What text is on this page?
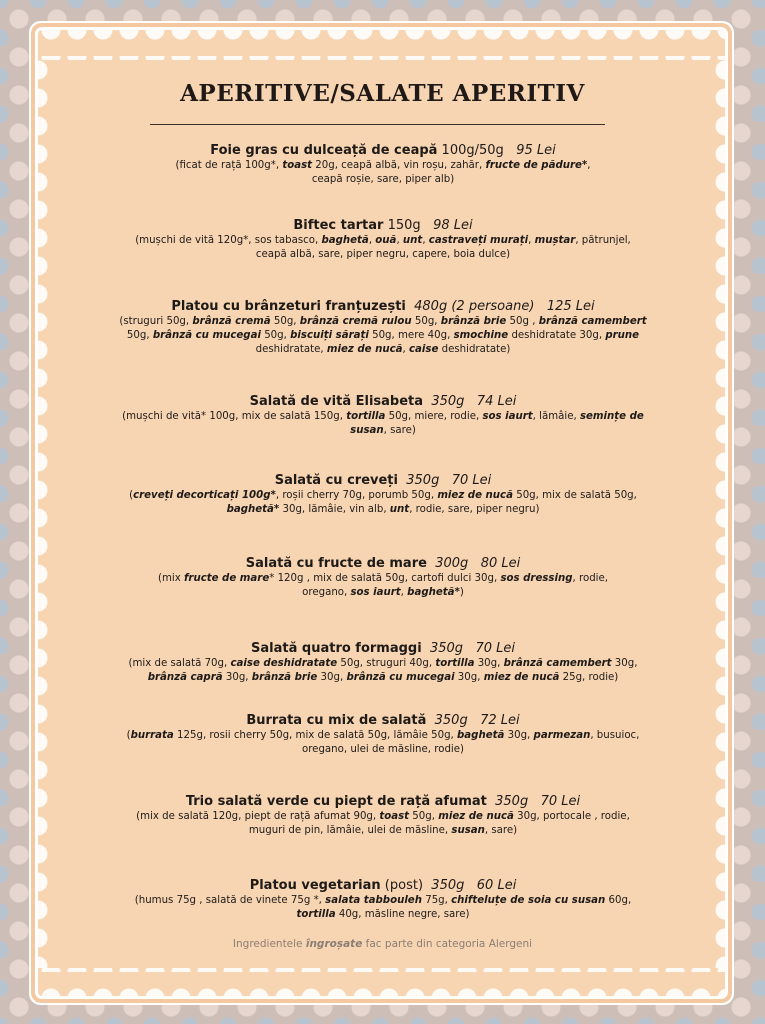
APERITIVE/SALATE APERITIV
Foie gras cu dulceață de ceapă 100g/50g 95 Lei
(ficat de rață 100g*, toast 20g, ceapă albă, vin roșu, zahăr, fructe de pădure*,
ceapă roșie, sare, piper alb)
Biftec tartar 150g 98 Lei
(mușchi de vită 120g*, sos tabasco, baghetă, ouă, unt, castraveți murați, muștar, pătrunjel,
ceapă albă, sare, piper negru, capere, boia dulce)
Platou cu brânzeturi franțuzești 480g (2 persoane) 125 Lei
(struguri 50g, brânză cremă 50g, brânză cremă rulou 50g, brânză brie 50g , brânză camembert
50g, brânză cu mucegai 50g, biscuiți sărați 50g, mere 40g, smochine deshidratate 30g, prune
deshidratate, miez de nucă, caise deshidratate)
Salată de vită Elisabeta 350g 74 Lei
(mușchi de vită* 100g, mix de salată 150g, tortilla 50g, miere, rodie, sos iaurt, lămâie, semințe de
susan, sare)
Salată cu creveți 350g 70 Lei
(creveți decorticați 100g*, roșii cherry 70g, porumb 50g, miez de nucă 50g, mix de salată 50g,
baghetă* 30g, lămâie, vin alb, unt, rodie, sare, piper negru)
Salată cu fructe de mare 300g 80 Lei
(mix fructe de mare* 120g , mix de salată 50g, cartofi dulci 30g, sos dressing, rodie,
oregano, sos iaurt, baghetă*)
Salată quatro formaggi 350g 70 Lei
(mix de salată 70g, caise deshidratate 50g, struguri 40g, tortilla 30g, brânză camembert 30g,
brânză capră 30g, brânză brie 30g, brânză cu mucegai 30g, miez de nucă 25g, rodie)
Burrata cu mix de salată 350g 72 Lei
(burrata 125g, rosii cherry 50g, mix de salată 50g, lămâie 50g, baghetă 30g, parmezan, busuioc,
oregano, ulei de măsline, rodie)
Trio salată verde cu piept de rață afumat 350g 70 Lei
(mix de salată 120g, piept de rață afumat 90g, toast 50g, miez de nucă 30g, portocale , rodie,
muguri de pin, lămâie, ulei de măsline, susan, sare)
Platou vegetarian (post) 350g 60 Lei
(humus 75g , salată de vinete 75g *, salata tabbouleh 75g, chifteluțe de soia cu susan 60g,
tortilla 40g, măsline negre, sare)
Ingredientele îngroșate fac parte din categoria Alergeni
